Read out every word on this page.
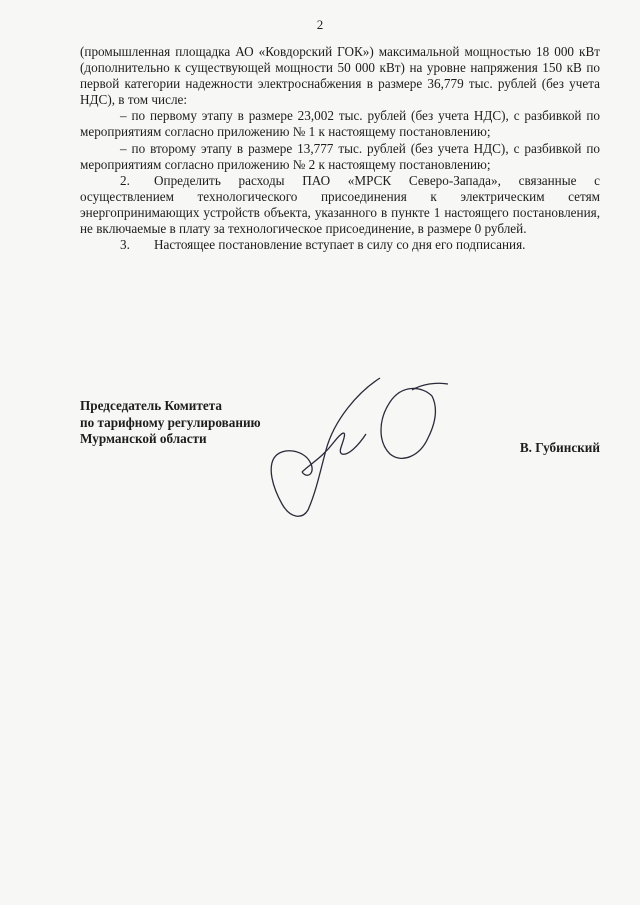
2

(промышленная площадка АО «Ковдорский ГОК») максимальной мощностью 18 000 кВт (дополнительно к существующей мощности 50 000 кВт) на уровне напряжения 150 кВ по первой категории надежности электроснабжения в размере 36,779 тыс. рублей (без учета НДС), в том числе:

– по первому этапу в размере 23,002 тыс. рублей (без учета НДС), с разбивкой по мероприятиям согласно приложению № 1 к настоящему постановлению;

– по второму этапу в размере 13,777 тыс. рублей (без учета НДС), с разбивкой по мероприятиям согласно приложению № 2 к настоящему постановлению;

2. Определить расходы ПАО «МРСК Северо-Запада», связанные с осуществлением технологического присоединения к электрическим сетям энергопринимающих устройств объекта, указанного в пункте 1 настоящего постановления, не включаемые в плату за технологическое присоединение, в размере 0 рублей.

3. Настоящее постановление вступает в силу со дня его подписания.

Председатель Комитета
по тарифному регулированию
Мурманской области
В. Губинский
